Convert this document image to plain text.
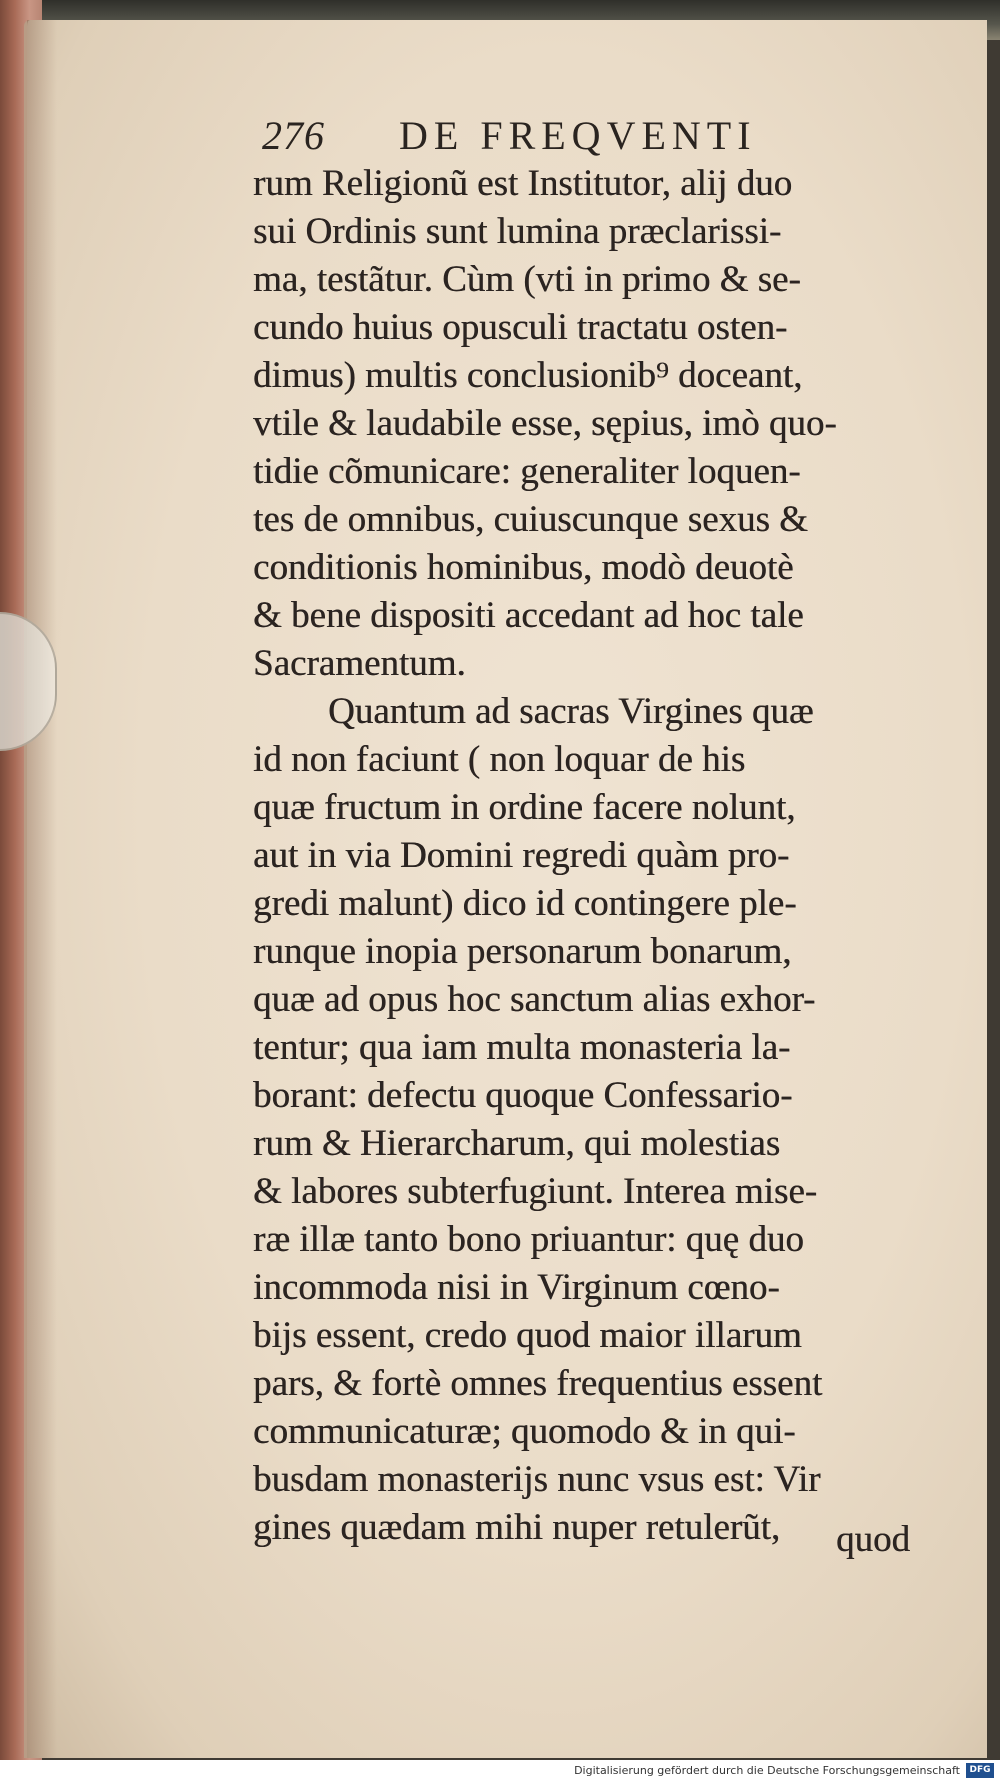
276 DE FREQVENTI
rum Religionũ est Institutor, alij duo
sui Ordinis sunt lumina præclarissi-
ma, testãtur. Cùm (vti in primo & se-
cundo huius opusculi tractatu osten-
dimus) multis conclusionib⁹ doceant,
vtile & laudabile esse, sępius, imò quo-
tidie cõmunicare: generaliter loquen-
tes de omnibus, cuiuscunque sexus &
conditionis hominibus, modò deuotè
& bene dispositi accedant ad hoc tale
Sacramentum.
Quantum ad sacras Virgines quæ
id non faciunt ( non loquar de his
quæ fructum in ordine facere nolunt,
aut in via Domini regredi quàm pro-
gredi malunt) dico id contingere ple-
runque inopia personarum bonarum,
quæ ad opus hoc sanctum alias exhor-
tentur; qua iam multa monasteria la-
borant: defectu quoque Confessario-
rum & Hierarcharum, qui molestias
& labores subterfugiunt. Interea mise-
ræ illæ tanto bono priuantur: quę duo
incommoda nisi in Virginum cœno-
bijs essent, credo quod maior illarum
pars, & fortè omnes frequentius essent
communicaturæ; quomodo & in qui-
busdam monasterijs nunc vsus est: Vir
gines quædam mihi nuper retulerũt,	quod
Digitalisierung gefördert durch die Deutsche Forschungsgemeinschaft	DFG
